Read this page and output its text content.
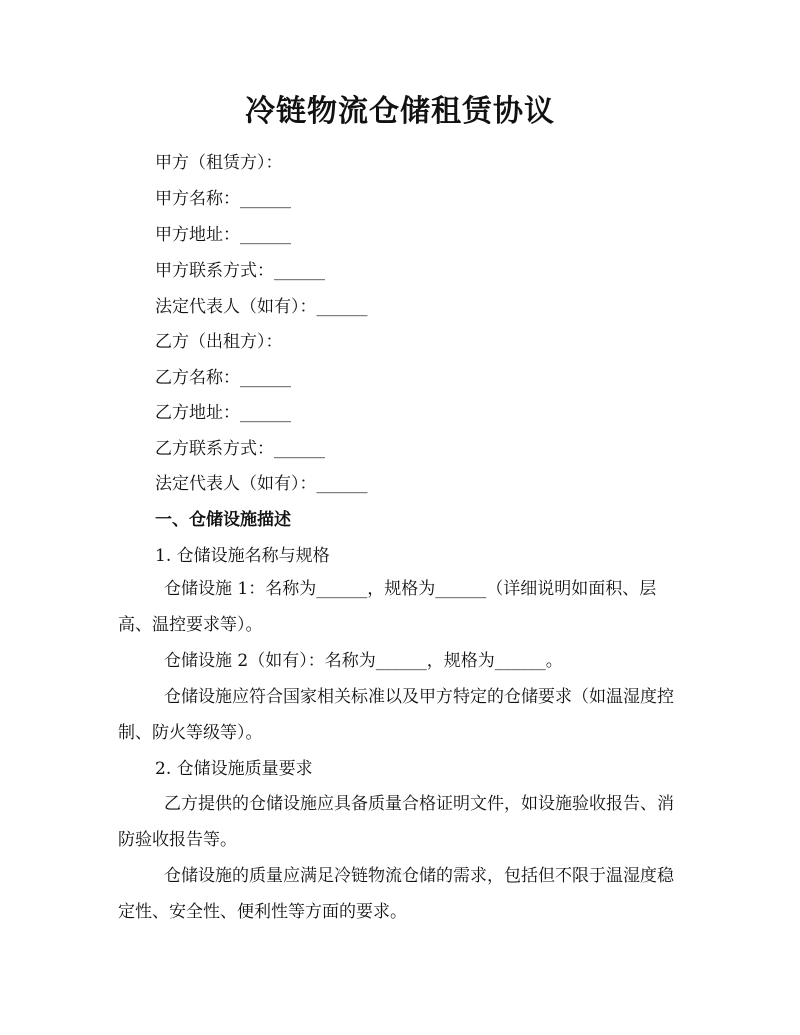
冷链物流仓储租赁协议
甲方（租赁方）：
甲方名称：______
甲方地址：______
甲方联系方式：______
法定代表人（如有）：______
乙方（出租方）：
乙方名称：______
乙方地址：______
乙方联系方式：______
法定代表人（如有）：______
一、仓储设施描述
1. 仓储设施名称与规格
仓储设施 1：名称为______，规格为______（详细说明如面积、层高、温控要求等）。
仓储设施 2（如有）：名称为______，规格为______。
仓储设施应符合国家相关标准以及甲方特定的仓储要求（如温湿度控制、防火等级等）。
2. 仓储设施质量要求
乙方提供的仓储设施应具备质量合格证明文件，如设施验收报告、消防验收报告等。
仓储设施的质量应满足冷链物流仓储的需求，包括但不限于温湿度稳定性、安全性、便利性等方面的要求。
